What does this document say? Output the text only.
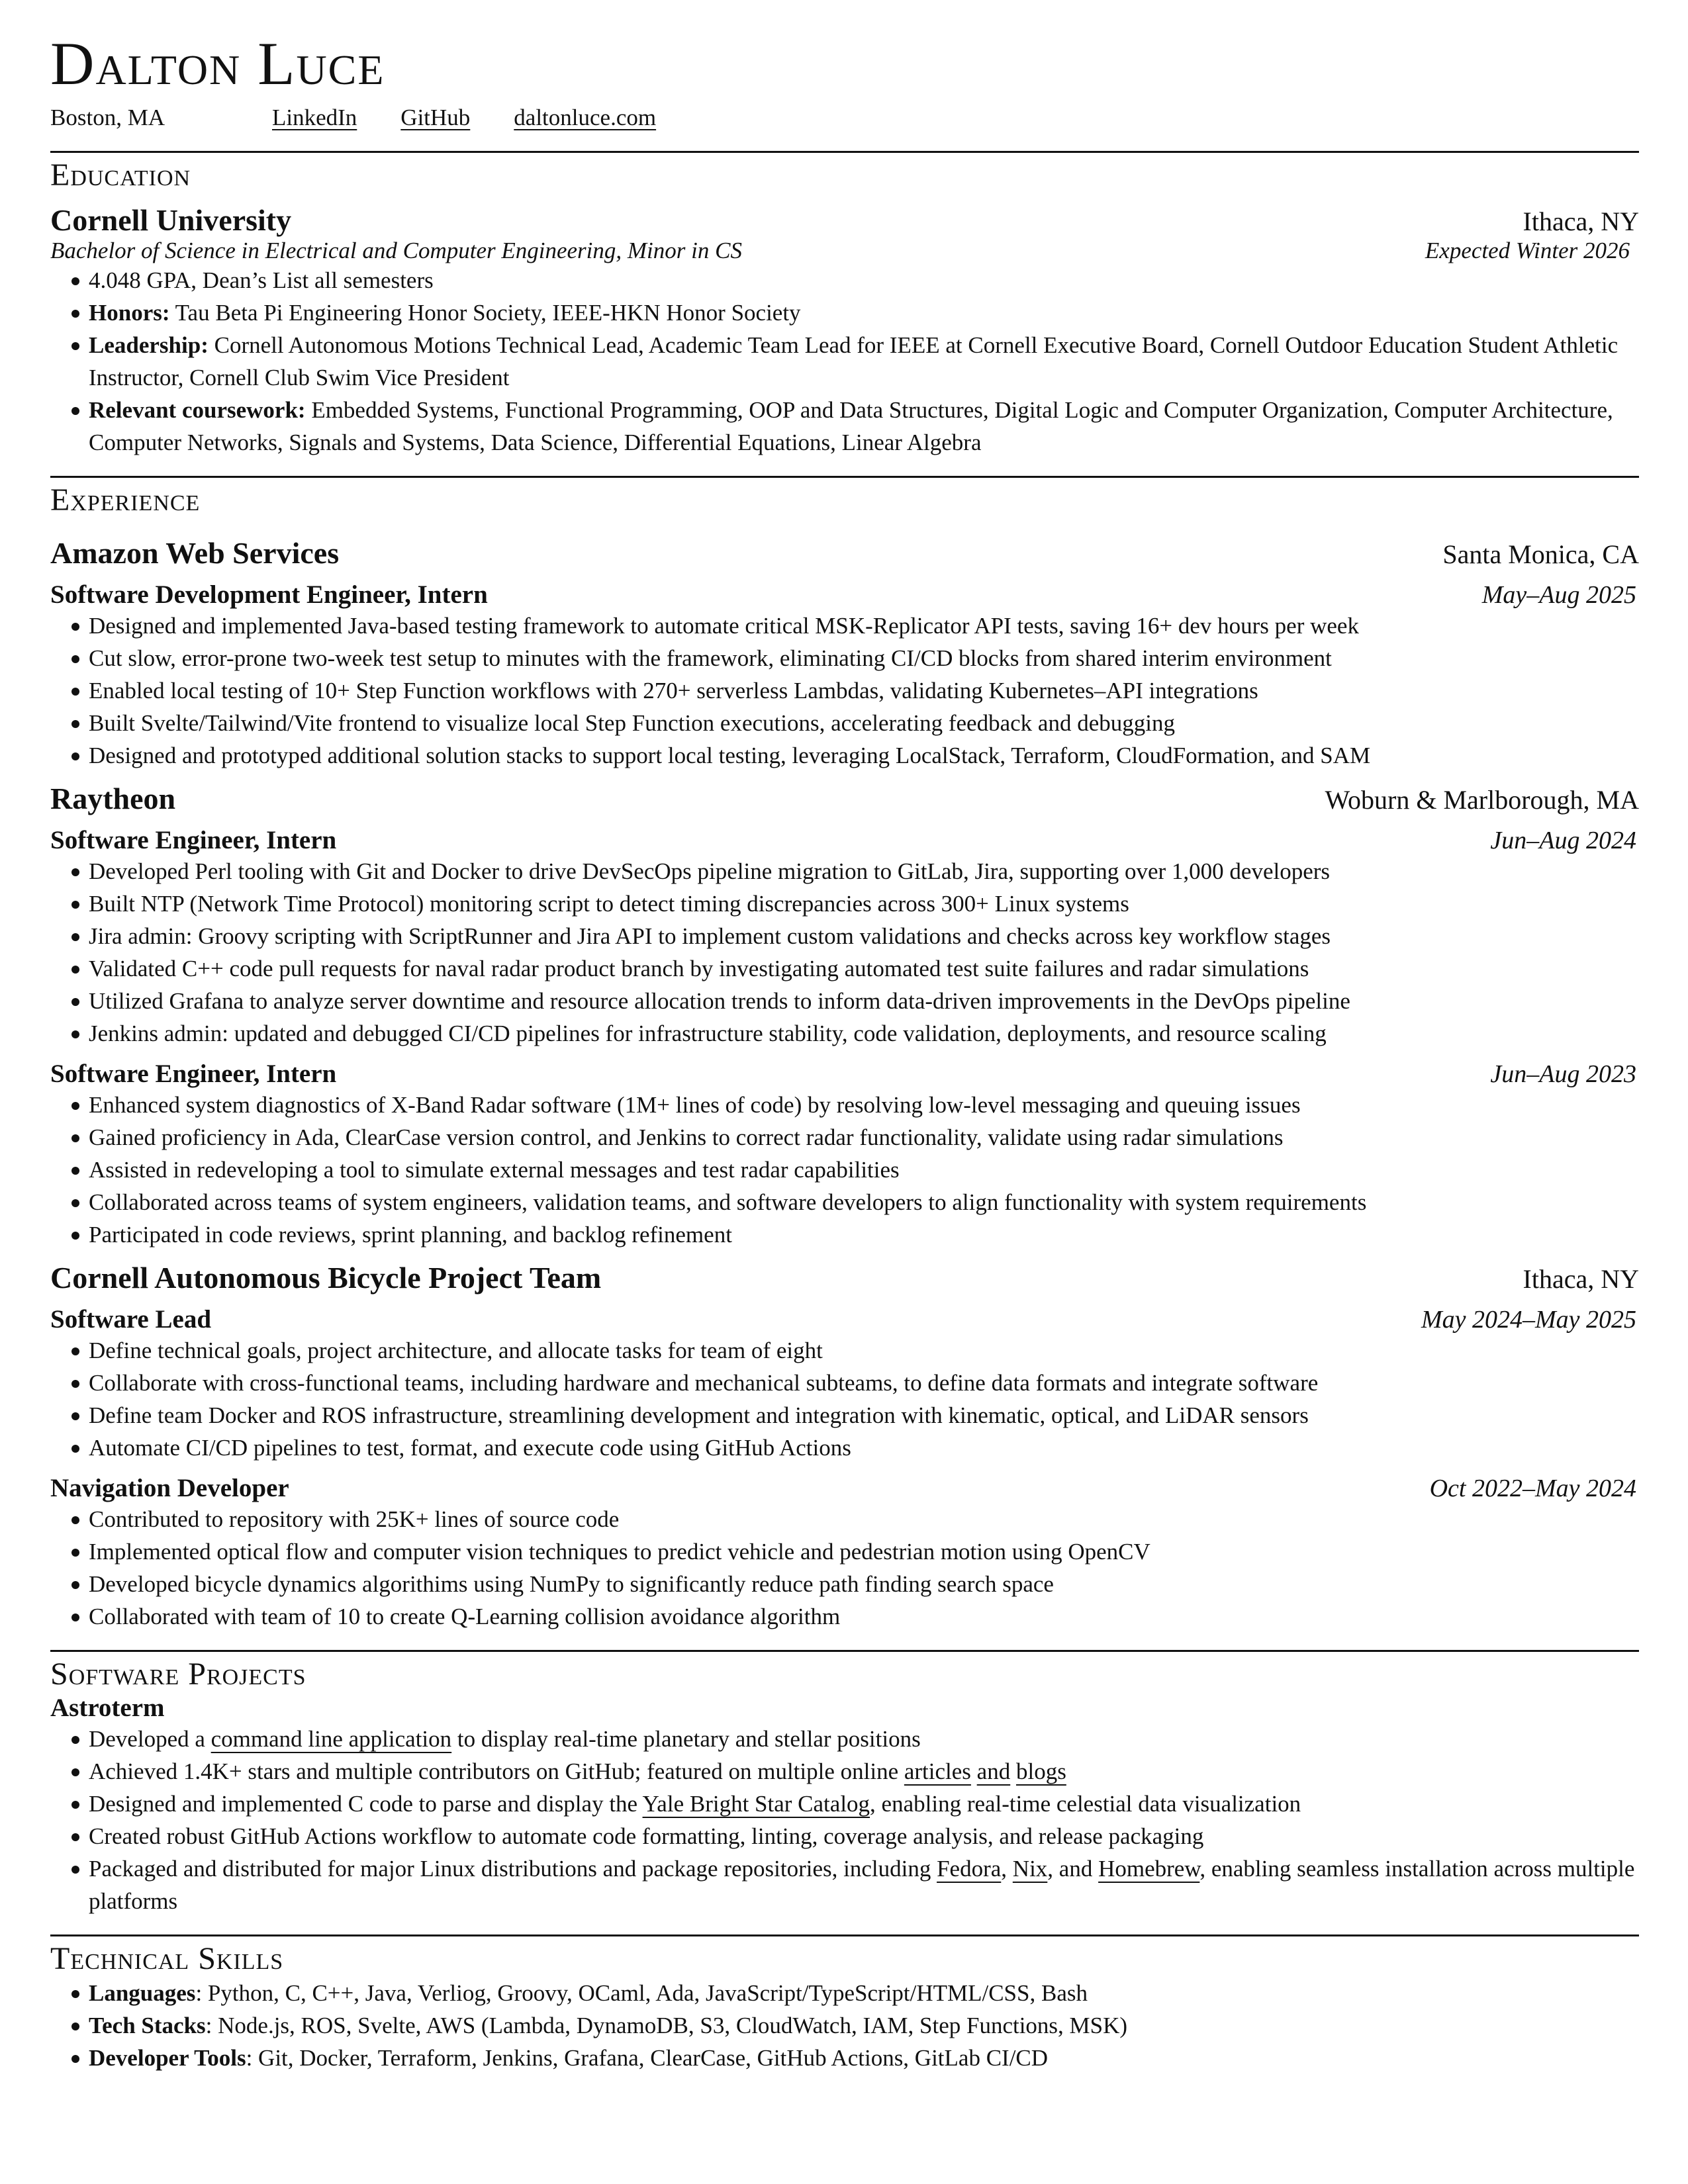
Dalton Luce
Boston, MA	LinkedIn GitHub daltonluce.com
Education
Cornell University	Ithaca, NY
Bachelor of Science in Electrical and Computer Engineering, Minor in CS	Expected Winter 2026
4.048 GPA, Dean’s List all semesters
Honors: Tau Beta Pi Engineering Honor Society, IEEE-HKN Honor Society
Leadership: Cornell Autonomous Motions Technical Lead, Academic Team Lead for IEEE at Cornell Executive Board, Cornell Outdoor Education Student Athletic Instructor, Cornell Club Swim Vice President
Relevant coursework: Embedded Systems, Functional Programming, OOP and Data Structures, Digital Logic and Computer Organization, Computer Architecture, Computer Networks, Signals and Systems, Data Science, Differential Equations, Linear Algebra
Experience
Amazon Web Services	Santa Monica, CA
Software Development Engineer, Intern	May–Aug 2025
Designed and implemented Java-based testing framework to automate critical MSK-Replicator API tests, saving 16+ dev hours per week
Cut slow, error-prone two-week test setup to minutes with the framework, eliminating CI/CD blocks from shared interim environment
Enabled local testing of 10+ Step Function workflows with 270+ serverless Lambdas, validating Kubernetes–API integrations
Built Svelte/Tailwind/Vite frontend to visualize local Step Function executions, accelerating feedback and debugging
Designed and prototyped additional solution stacks to support local testing, leveraging LocalStack, Terraform, CloudFormation, and SAM
Raytheon	Woburn & Marlborough, MA
Software Engineer, Intern	Jun–Aug 2024
Developed Perl tooling with Git and Docker to drive DevSecOps pipeline migration to GitLab, Jira, supporting over 1,000 developers
Built NTP (Network Time Protocol) monitoring script to detect timing discrepancies across 300+ Linux systems
Jira admin: Groovy scripting with ScriptRunner and Jira API to implement custom validations and checks across key workflow stages
Validated C++ code pull requests for naval radar product branch by investigating automated test suite failures and radar simulations
Utilized Grafana to analyze server downtime and resource allocation trends to inform data-driven improvements in the DevOps pipeline
Jenkins admin: updated and debugged CI/CD pipelines for infrastructure stability, code validation, deployments, and resource scaling
Software Engineer, Intern	Jun–Aug 2023
Enhanced system diagnostics of X-Band Radar software (1M+ lines of code) by resolving low-level messaging and queuing issues
Gained proficiency in Ada, ClearCase version control, and Jenkins to correct radar functionality, validate using radar simulations
Assisted in redeveloping a tool to simulate external messages and test radar capabilities
Collaborated across teams of system engineers, validation teams, and software developers to align functionality with system requirements
Participated in code reviews, sprint planning, and backlog refinement
Cornell Autonomous Bicycle Project Team	Ithaca, NY
Software Lead	May 2024–May 2025
Define technical goals, project architecture, and allocate tasks for team of eight
Collaborate with cross-functional teams, including hardware and mechanical subteams, to define data formats and integrate software
Define team Docker and ROS infrastructure, streamlining development and integration with kinematic, optical, and LiDAR sensors
Automate CI/CD pipelines to test, format, and execute code using GitHub Actions
Navigation Developer	Oct 2022–May 2024
Contributed to repository with 25K+ lines of source code
Implemented optical flow and computer vision techniques to predict vehicle and pedestrian motion using OpenCV
Developed bicycle dynamics algorithims using NumPy to significantly reduce path finding search space
Collaborated with team of 10 to create Q-Learning collision avoidance algorithm
Software Projects
Astroterm
Developed a command line application to display real-time planetary and stellar positions
Achieved 1.4K+ stars and multiple contributors on GitHub; featured on multiple online articles and blogs
Designed and implemented C code to parse and display the Yale Bright Star Catalog, enabling real-time celestial data visualization
Created robust GitHub Actions workflow to automate code formatting, linting, coverage analysis, and release packaging
Packaged and distributed for major Linux distributions and package repositories, including Fedora, Nix, and Homebrew, enabling seamless installation across multiple platforms
Technical Skills
Languages: Python, C, C++, Java, Verliog, Groovy, OCaml, Ada, JavaScript/TypeScript/HTML/CSS, Bash
Tech Stacks: Node.js, ROS, Svelte, AWS (Lambda, DynamoDB, S3, CloudWatch, IAM, Step Functions, MSK)
Developer Tools: Git, Docker, Terraform, Jenkins, Grafana, ClearCase, GitHub Actions, GitLab CI/CD
